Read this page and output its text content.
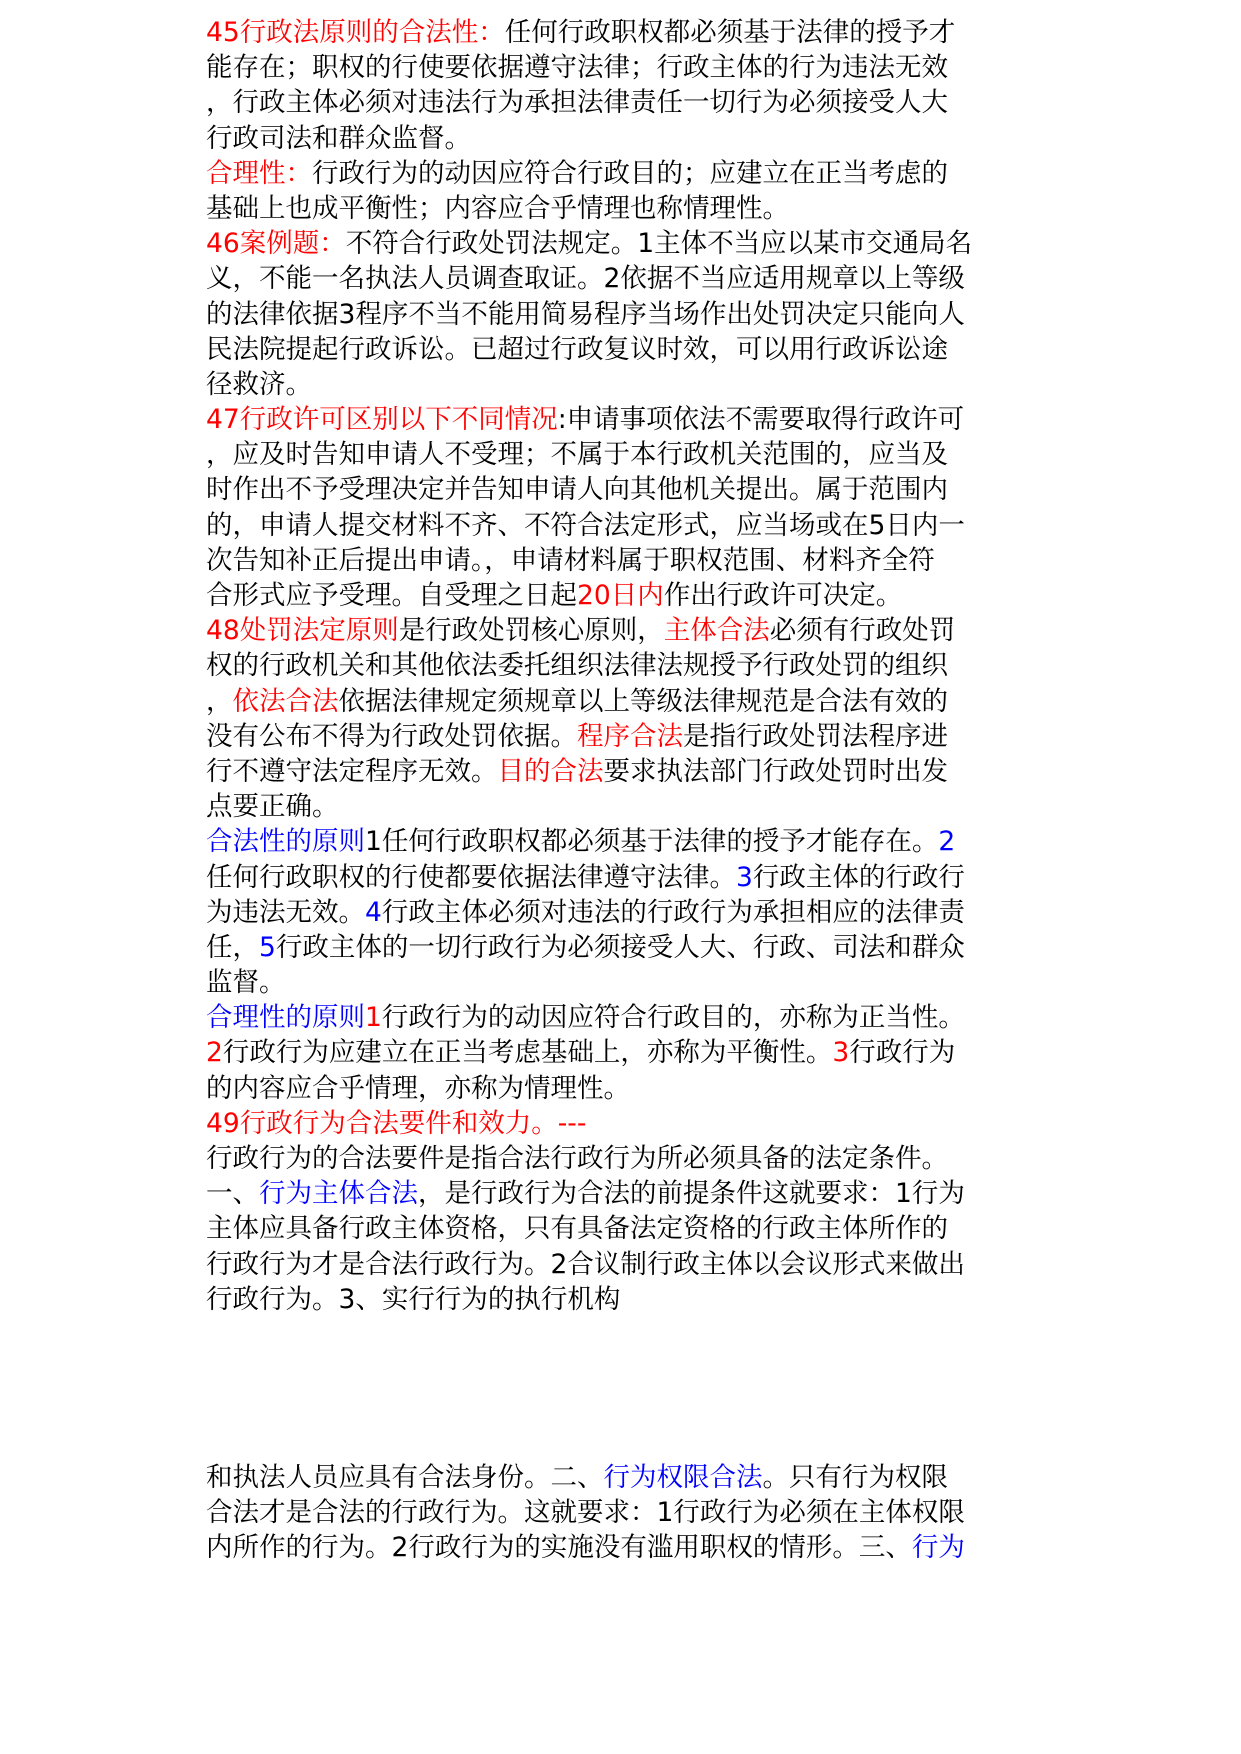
45行政法原则的合法性：任何行政职权都必须基于法律的授予才
能存在；职权的行使要依据遵守法律；行政主体的行为违法无效
，行政主体必须对违法行为承担法律责任一切行为必须接受人大
行政司法和群众监督。
合理性：行政行为的动因应符合行政目的；应建立在正当考虑的
基础上也成平衡性；内容应合乎情理也称情理性。
46案例题：不符合行政处罚法规定。1主体不当应以某市交通局名
义，不能一名执法人员调查取证。2依据不当应适用规章以上等级
的法律依据3程序不当不能用简易程序当场作出处罚决定只能向人
民法院提起行政诉讼。已超过行政复议时效，可以用行政诉讼途
径救济。
47行政许可区别以下不同情况:申请事项依法不需要取得行政许可
，应及时告知申请人不受理；不属于本行政机关范围的，应当及
时作出不予受理决定并告知申请人向其他机关提出。属于范围内
的，申请人提交材料不齐、不符合法定形式，应当场或在5日内一
次告知补正后提出申请。，申请材料属于职权范围、材料齐全符
合形式应予受理。自受理之日起20日内作出行政许可决定。
48处罚法定原则是行政处罚核心原则，主体合法必须有行政处罚
权的行政机关和其他依法委托组织法律法规授予行政处罚的组织
，依法合法依据法律规定须规章以上等级法律规范是合法有效的
没有公布不得为行政处罚依据。程序合法是指行政处罚法程序进
行不遵守法定程序无效。目的合法要求执法部门行政处罚时出发
点要正确。
合法性的原则1任何行政职权都必须基于法律的授予才能存在。2
任何行政职权的行使都要依据法律遵守法律。3行政主体的行政行
为违法无效。4行政主体必须对违法的行政行为承担相应的法律责
任，5行政主体的一切行政行为必须接受人大、行政、司法和群众
监督。
合理性的原则1行政行为的动因应符合行政目的，亦称为正当性。
2行政行为应建立在正当考虑基础上，亦称为平衡性。3行政行为
的内容应合乎情理，亦称为情理性。
49行政行为合法要件和效力。---
行政行为的合法要件是指合法行政行为所必须具备的法定条件。
一、行为主体合法，是行政行为合法的前提条件这就要求：1行为
主体应具备行政主体资格，只有具备法定资格的行政主体所作的
行政行为才是合法行政行为。2合议制行政主体以会议形式来做出
行政行为。3、实行行为的执行机构
和执法人员应具有合法身份。二、行为权限合法。只有行为权限
合法才是合法的行政行为。这就要求：1行政行为必须在主体权限
内所作的行为。2行政行为的实施没有滥用职权的情形。三、行为
